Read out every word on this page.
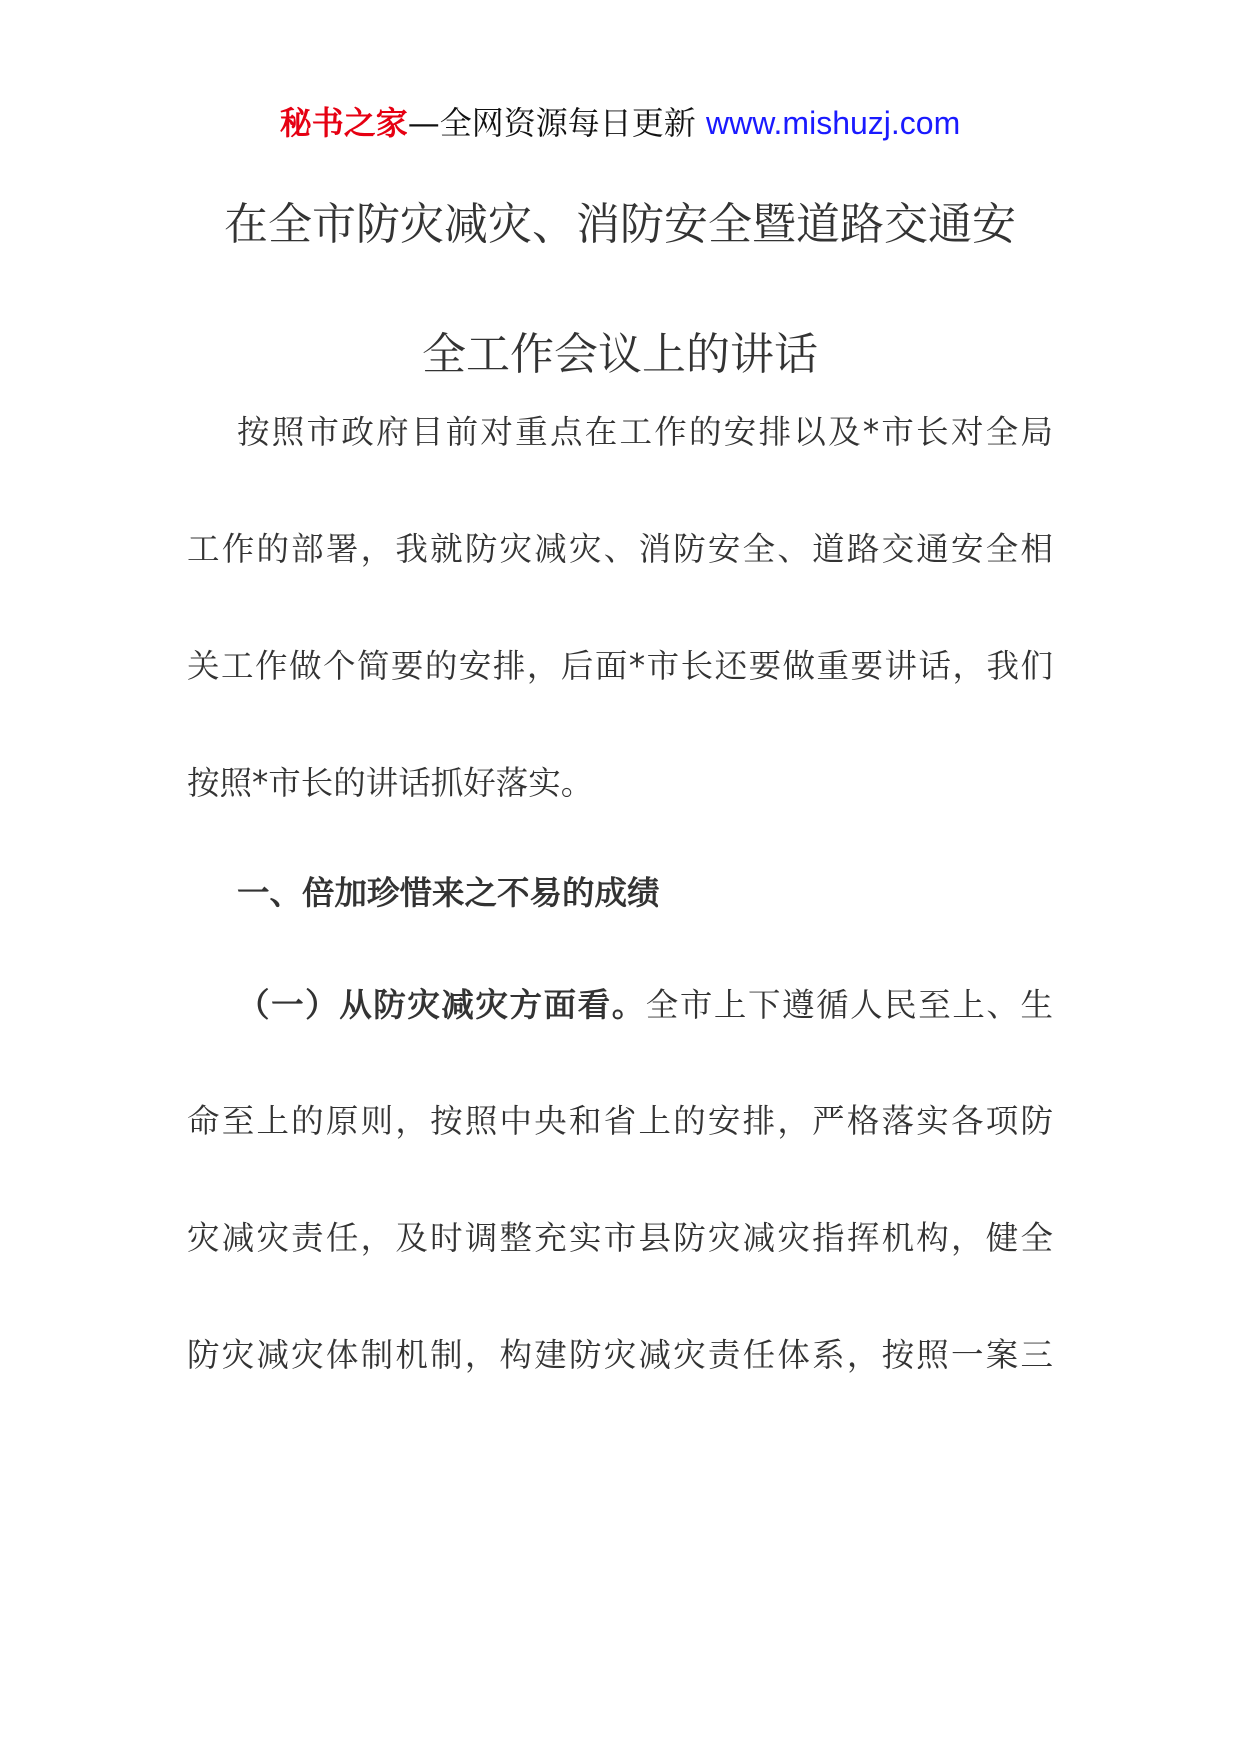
秘书之家—全网资源每日更新 www.mishuzj.com
在全市防灾减灾、消防安全暨道路交通安
全工作会议上的讲话
按照市政府目前对重点在工作的安排以及*市长对全局
工作的部署，我就防灾减灾、消防安全、道路交通安全相
关工作做个简要的安排，后面*市长还要做重要讲话，我们
按照*市长的讲话抓好落实。
一、倍加珍惜来之不易的成绩
（一）从防灾减灾方面看。全市上下遵循人民至上、生
命至上的原则，按照中央和省上的安排，严格落实各项防
灾减灾责任，及时调整充实市县防灾减灾指挥机构，健全
防灾减灾体制机制，构建防灾减灾责任体系，按照一案三
